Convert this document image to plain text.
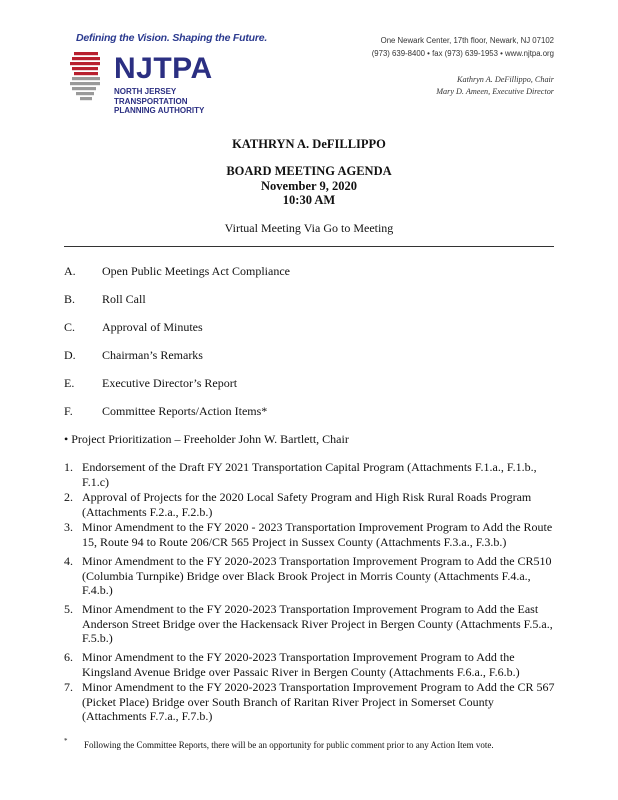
Defining the Vision. Shaping the Future.
NJTPA
NORTH JERSEY
TRANSPORTATION
PLANNING AUTHORITY
One Newark Center, 17th floor, Newark, NJ 07102
(973) 639-8400 • fax (973) 639-1953 • www.njtpa.org
Kathryn A. DeFillippo, Chair
Mary D. Ameen, Executive Director
KATHRYN A. DeFILLIPPO
BOARD MEETING AGENDA
November 9, 2020
10:30 AM
Virtual Meeting Via Go to Meeting
A.	Open Public Meetings Act Compliance
B.	Roll Call
C.	Approval of Minutes
D.	Chairman’s Remarks
E.	Executive Director’s Report
F.	Committee Reports/Action Items*
• Project Prioritization – Freeholder John W. Bartlett, Chair
1. Endorsement of the Draft FY 2021 Transportation Capital Program (Attachments F.1.a., F.1.b., F.1.c)
2. Approval of Projects for the 2020 Local Safety Program and High Risk Rural Roads Program (Attachments F.2.a., F.2.b.)
3. Minor Amendment to the FY 2020 - 2023 Transportation Improvement Program to Add the Route 15, Route 94 to Route 206/CR 565 Project in Sussex County (Attachments F.3.a., F.3.b.)
4. Minor Amendment to the FY 2020-2023 Transportation Improvement Program to Add the CR510 (Columbia Turnpike) Bridge over Black Brook Project in Morris County (Attachments F.4.a., F.4.b.)
5. Minor Amendment to the FY 2020-2023 Transportation Improvement Program to Add the East Anderson Street Bridge over the Hackensack River Project in Bergen County (Attachments F.5.a., F.5.b.)
6. Minor Amendment to the FY 2020-2023 Transportation Improvement Program to Add the Kingsland Avenue Bridge over Passaic River in Bergen County (Attachments F.6.a., F.6.b.)
7. Minor Amendment to the FY 2020-2023 Transportation Improvement Program to Add the CR 567 (Picket Place) Bridge over South Branch of Raritan River Project in Somerset County (Attachments F.7.a., F.7.b.)
* Following the Committee Reports, there will be an opportunity for public comment prior to any Action Item vote.
